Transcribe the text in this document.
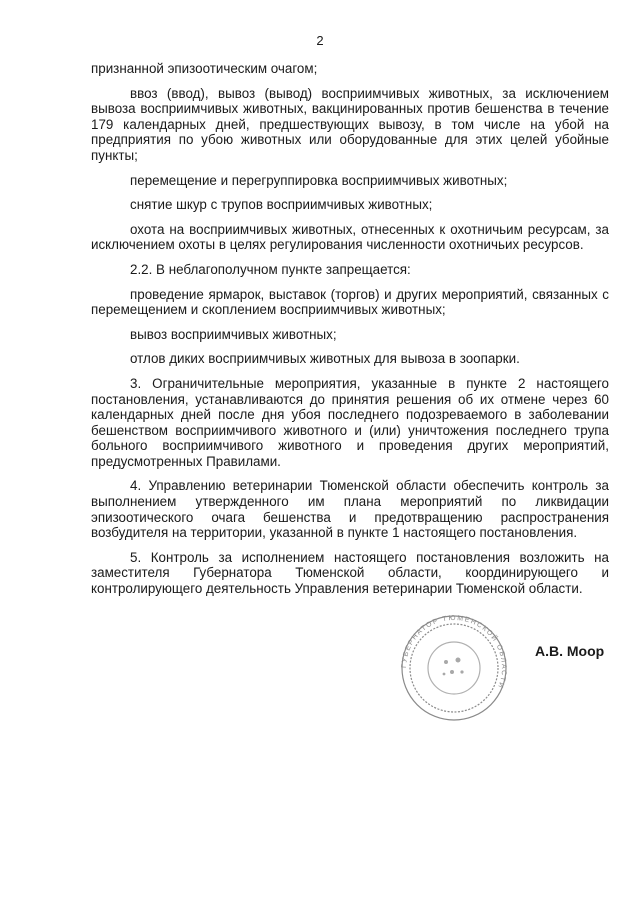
2

признанной эпизоотическим очагом;

ввоз (ввод), вывоз (вывод) восприимчивых животных, за исключением вывоза восприимчивых животных, вакцинированных против бешенства в течение 179 календарных дней, предшествующих вывозу, в том числе на убой на предприятия по убою животных или оборудованные для этих целей убойные пункты;

перемещение и перегруппировка восприимчивых животных;

снятие шкур с трупов восприимчивых животных;

охота на восприимчивых животных, отнесенных к охотничьим ресурсам, за исключением охоты в целях регулирования численности охотничьих ресурсов.

2.2. В неблагополучном пункте запрещается:

проведение ярмарок, выставок (торгов) и других мероприятий, связанных с перемещением и скоплением восприимчивых животных;

вывоз восприимчивых животных;

отлов диких восприимчивых животных для вывоза в зоопарки.

3. Ограничительные мероприятия, указанные в пункте 2 настоящего постановления, устанавливаются до принятия решения об их отмене через 60 календарных дней после дня убоя последнего подозреваемого в заболевании бешенством восприимчивого животного и (или) уничтожения последнего трупа больного восприимчивого животного и проведения других мероприятий, предусмотренных Правилами.

4. Управлению ветеринарии Тюменской области обеспечить контроль за выполнением утвержденного им плана мероприятий по ликвидации эпизоотического очага бешенства и предотвращению распространения возбудителя на территории, указанной в пункте 1 настоящего постановления.

5. Контроль за исполнением настоящего постановления возложить на заместителя Губернатора Тюменской области, координирующего и контролирующего деятельность Управления ветеринарии Тюменской области.

ГУБЕРНАТОР ТЮМЕНСКОЙ ОБЛАСТИ
А.В. Моор
